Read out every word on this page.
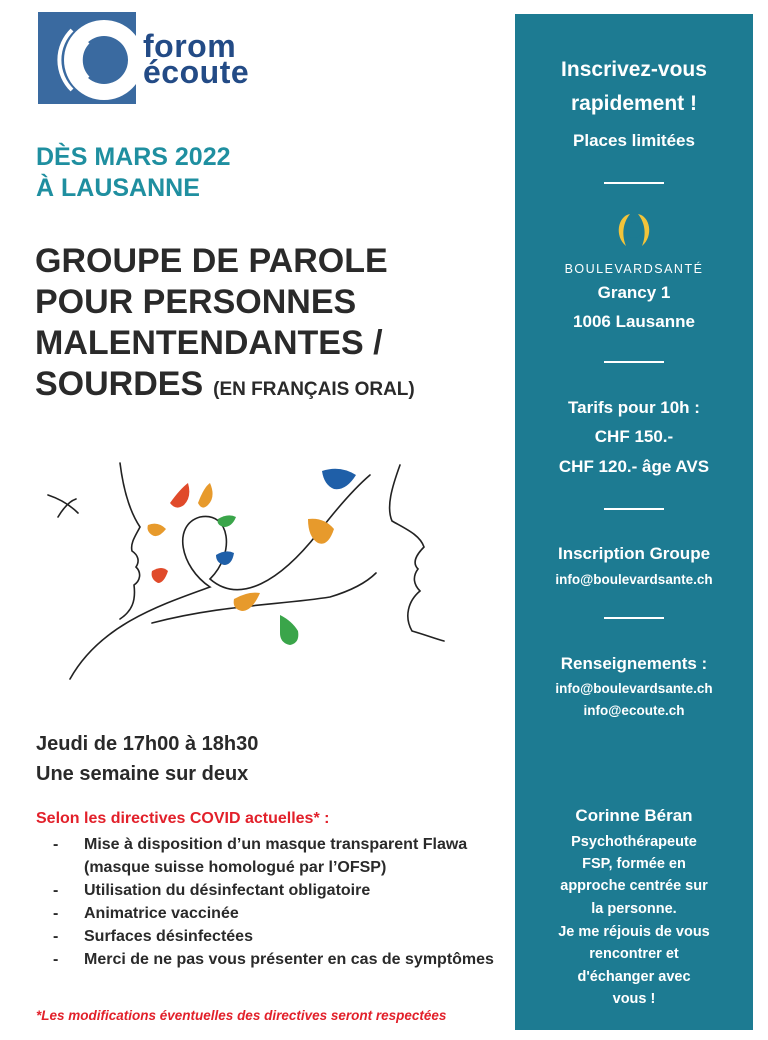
forom
écoute
DÈS MARS 2022
À LAUSANNE
GROUPE DE PAROLE
POUR PERSONNES
MALENTENDANTES /
SOURDES (EN FRANÇAIS ORAL)
Jeudi de 17h00 à 18h30
Une semaine sur deux
Selon les directives COVID actuelles* :
- Mise à disposition d’un masque transparent Flawa (masque suisse homologué par l’OFSP)
- Utilisation du désinfectant obligatoire
- Animatrice vaccinée
- Surfaces désinfectées
- Merci de ne pas vous présenter en cas de symptômes
*Les modifications éventuelles des directives seront respectées
Inscrivez-vous
rapidement !
Places limitées
BOULEVARDSANTÉ
Grancy 1
1006 Lausanne
Tarifs pour 10h :
CHF 150.-
CHF 120.- âge AVS
Inscription Groupe
info@boulevardsante.ch
Renseignements :
info@boulevardsante.ch
info@ecoute.ch
Corinne Béran
Psychothérapeute
FSP, formée en
approche centrée sur
la personne.
Je me réjouis de vous
rencontrer et
d'échanger avec
vous !
